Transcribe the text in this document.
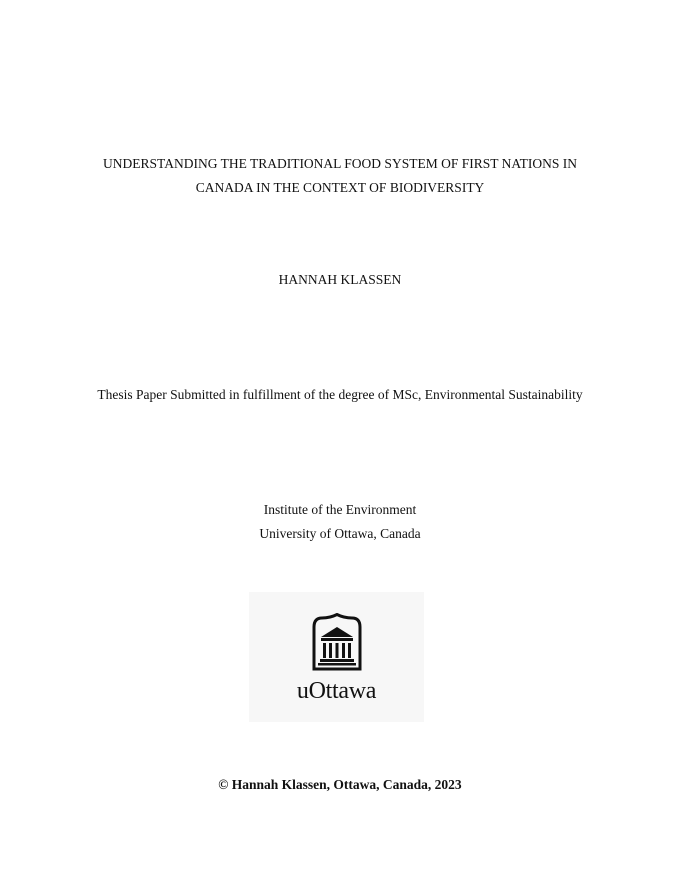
UNDERSTANDING THE TRADITIONAL FOOD SYSTEM OF FIRST NATIONS IN
CANADA IN THE CONTEXT OF BIODIVERSITY
HANNAH KLASSEN
Thesis Paper Submitted in fulfillment of the degree of MSc, Environmental Sustainability
Institute of the Environment
University of Ottawa, Canada
uOttawa
© Hannah Klassen, Ottawa, Canada, 2023
